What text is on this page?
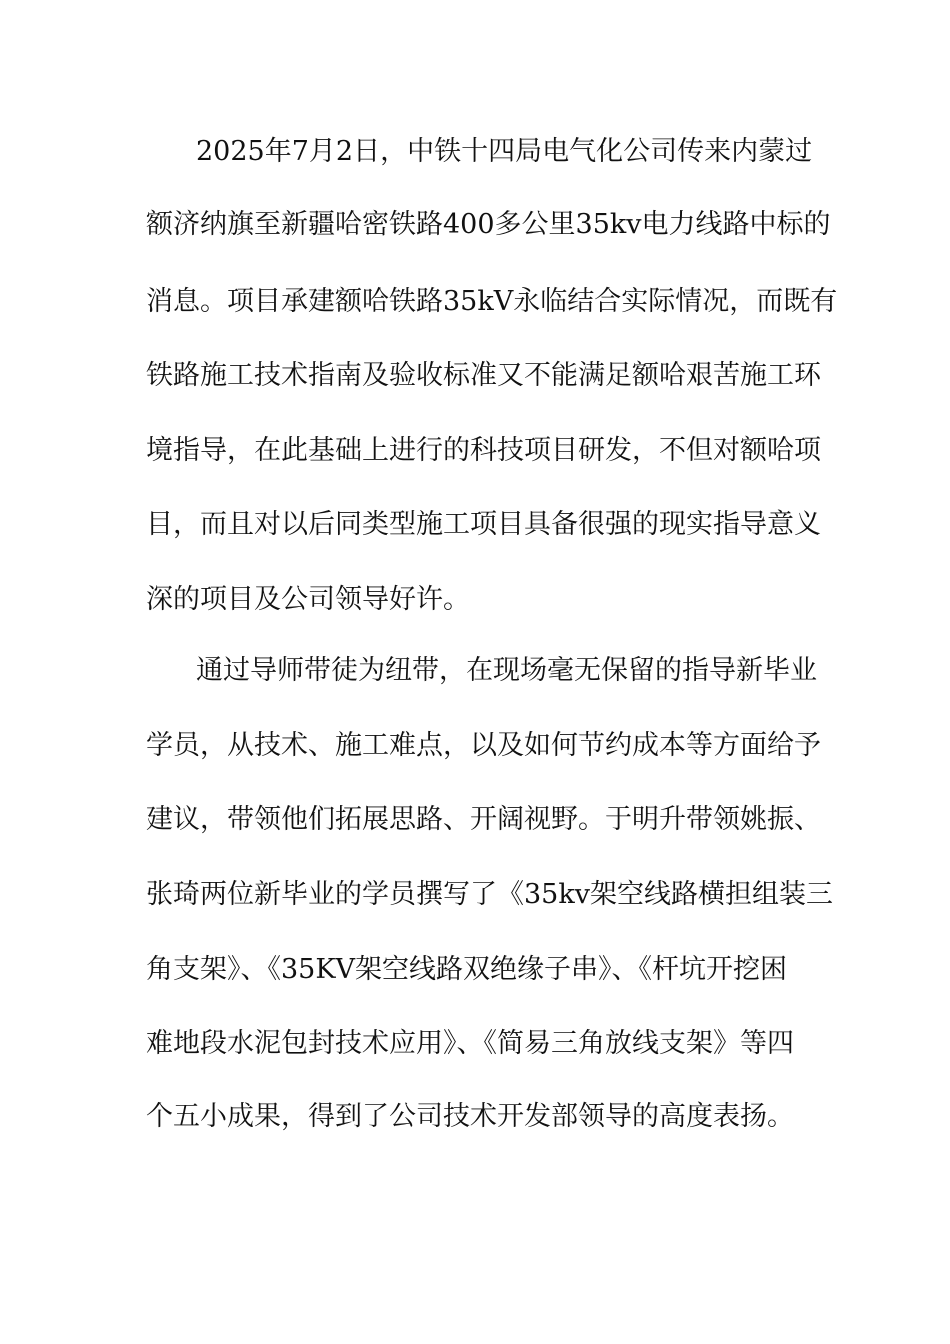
2025年7月2日，中铁十四局电气化公司传来内蒙过
额济纳旗至新疆哈密铁路400多公里35kv电力线路中标的
消息。项目承建额哈铁路35kV永临结合实际情况，而既有
铁路施工技术指南及验收标准又不能满足额哈艰苦施工环
境指导，在此基础上进行的科技项目研发，不但对额哈项
目，而且对以后同类型施工项目具备很强的现实指导意义
深的项目及公司领导好许。
通过导师带徒为纽带，在现场毫无保留的指导新毕业
学员，从技术、施工难点，以及如何节约成本等方面给予
建议，带领他们拓展思路、开阔视野。于明升带领姚振、
张琦两位新毕业的学员撰写了《35kv架空线路横担组装三
角支架》、《35KV架空线路双绝缘子串》、《杆坑开挖困
难地段水泥包封技术应用》、《简易三角放线支架》等四
个五小成果，得到了公司技术开发部领导的高度表扬。
